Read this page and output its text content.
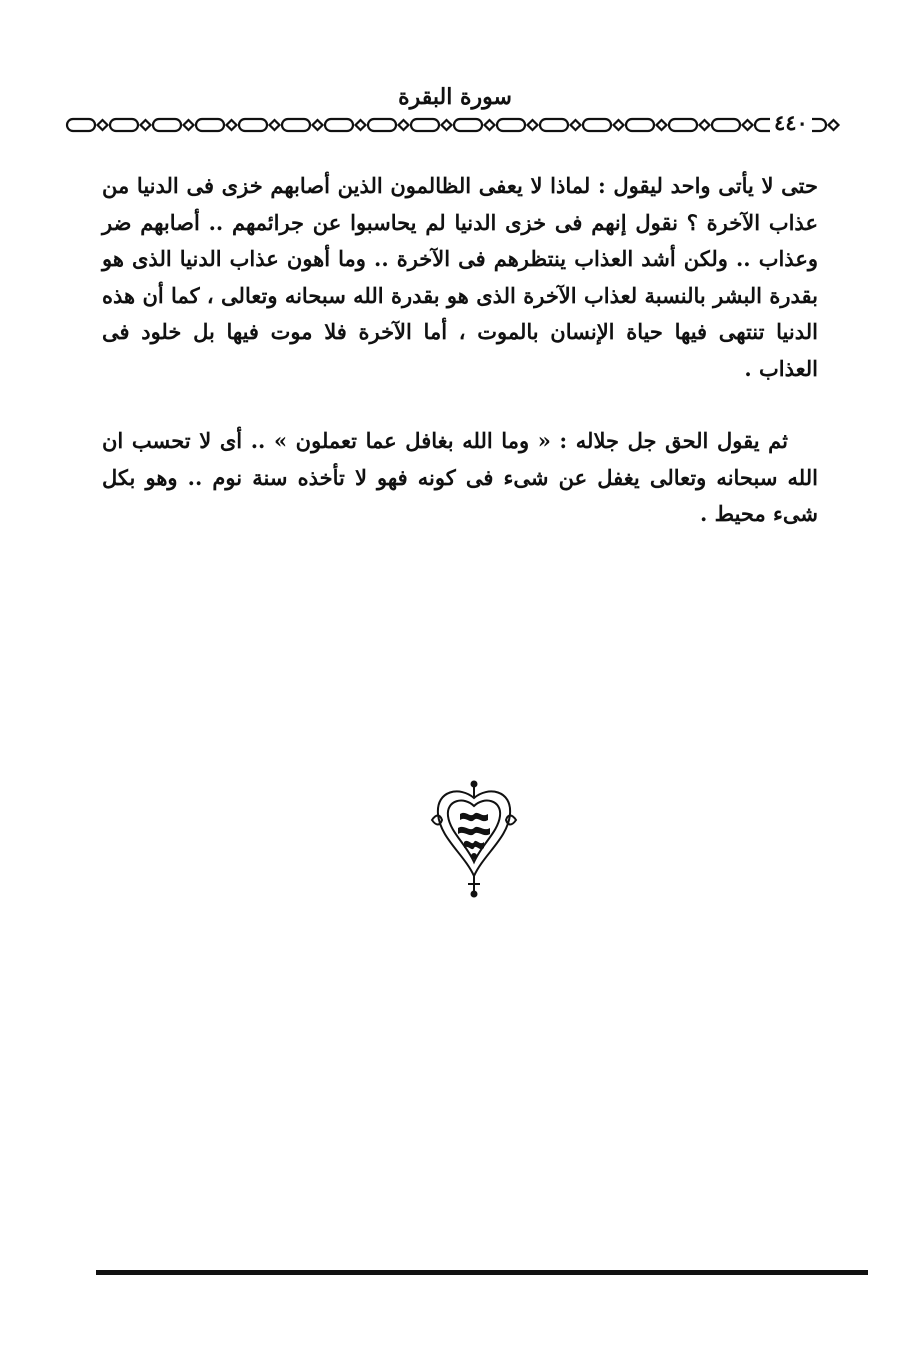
سورة البقرة
٤٤٠

حتى لا يأتى واحد ليقول : لماذا لا يعفى الظالمون الذين أصابهم خزى فى الدنيا من عذاب الآخرة ؟ نقول إنهم فى خزى الدنيا لم يحاسبوا عن جرائمهم .. أصابهم ضر وعذاب .. ولكن أشد العذاب ينتظرهم فى الآخرة .. وما أهون عذاب الدنيا الذى هو بقدرة البشر بالنسبة لعذاب الآخرة الذى هو بقدرة الله سبحانه وتعالى ، كما أن هذه الدنيا تنتهى فيها حياة الإنسان بالموت ، أما الآخرة فلا موت فيها بل خلود فى العذاب .

ثم يقول الحق جل جلاله : « وما الله بغافل عما تعملون » .. أى لا تحسب ان الله سبحانه وتعالى يغفل عن شىء فى كونه فهو لا تأخذه سنة نوم .. وهو بكل شىء محيط .
